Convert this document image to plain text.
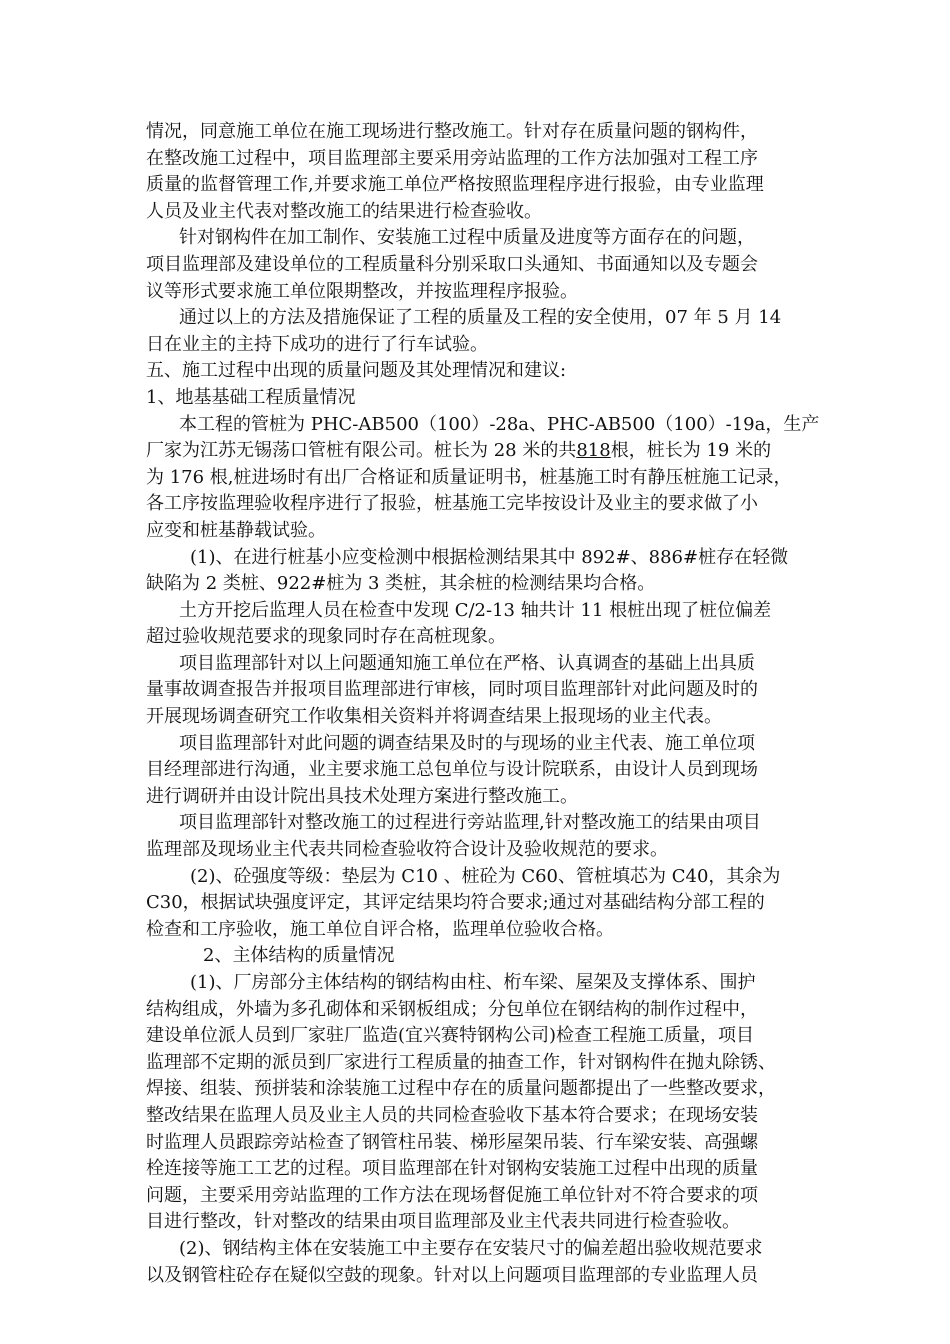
情况，同意施工单位在施工现场进行整改施工。针对存在质量问题的钢构件，
在整改施工过程中，项目监理部主要采用旁站监理的工作方法加强对工程工序
质量的监督管理工作,并要求施工单位严格按照监理程序进行报验，由专业监理
人员及业主代表对整改施工的结果进行检查验收。
针对钢构件在加工制作、安装施工过程中质量及进度等方面存在的问题，
项目监理部及建设单位的工程质量科分别采取口头通知、书面通知以及专题会
议等形式要求施工单位限期整改，并按监理程序报验。
通过以上的方法及措施保证了工程的质量及工程的安全使用，07 年 5 月 14
日在业主的主持下成功的进行了行车试验。
五、施工过程中出现的质量问题及其处理情况和建议:
1、地基基础工程质量情况
本工程的管桩为 PHC-AB500（100）-28a、PHC-AB500（100）-19a，生产
厂家为江苏无锡荡口管桩有限公司。桩长为 28 米的共818根，桩长为 19 米的
为 176 根,桩进场时有出厂合格证和质量证明书，桩基施工时有静压桩施工记录，
各工序按监理验收程序进行了报验，桩基施工完毕按设计及业主的要求做了小
应变和桩基静载试验。
(1)、在进行桩基小应变检测中根据检测结果其中 892#、886#桩存在轻微
缺陷为 2 类桩、922#桩为 3 类桩，其余桩的检测结果均合格。
土方开挖后监理人员在检查中发现 C/2-13 轴共计 11 根桩出现了桩位偏差
超过验收规范要求的现象同时存在高桩现象。
项目监理部针对以上问题通知施工单位在严格、认真调查的基础上出具质
量事故调查报告并报项目监理部进行审核，同时项目监理部针对此问题及时的
开展现场调查研究工作收集相关资料并将调查结果上报现场的业主代表。
项目监理部针对此问题的调查结果及时的与现场的业主代表、施工单位项
目经理部进行沟通，业主要求施工总包单位与设计院联系，由设计人员到现场
进行调研并由设计院出具技术处理方案进行整改施工。
项目监理部针对整改施工的过程进行旁站监理,针对整改施工的结果由项目
监理部及现场业主代表共同检查验收符合设计及验收规范的要求。
(2)、砼强度等级：垫层为 C10 、桩砼为 C60、管桩填芯为 C40，其余为
C30，根据试块强度评定，其评定结果均符合要求;通过对基础结构分部工程的
检查和工序验收，施工单位自评合格，监理单位验收合格。
2、主体结构的质量情况
(1)、厂房部分主体结构的钢结构由柱、桁车梁、屋架及支撑体系、围护
结构组成，外墙为多孔砌体和采钢板组成；分包单位在钢结构的制作过程中，
建设单位派人员到厂家驻厂监造(宜兴赛特钢构公司)检查工程施工质量，项目
监理部不定期的派员到厂家进行工程质量的抽查工作，针对钢构件在抛丸除锈、
焊接、组装、预拼装和涂装施工过程中存在的质量问题都提出了一些整改要求，
整改结果在监理人员及业主人员的共同检查验收下基本符合要求；在现场安装
时监理人员跟踪旁站检查了钢管柱吊装、梯形屋架吊装、行车梁安装、高强螺
栓连接等施工工艺的过程。项目监理部在针对钢构安装施工过程中出现的质量
问题，主要采用旁站监理的工作方法在现场督促施工单位针对不符合要求的项
目进行整改，针对整改的结果由项目监理部及业主代表共同进行检查验收。
(2)、钢结构主体在安装施工中主要存在安装尺寸的偏差超出验收规范要求
以及钢管柱砼存在疑似空鼓的现象。针对以上问题项目监理部的专业监理人员
